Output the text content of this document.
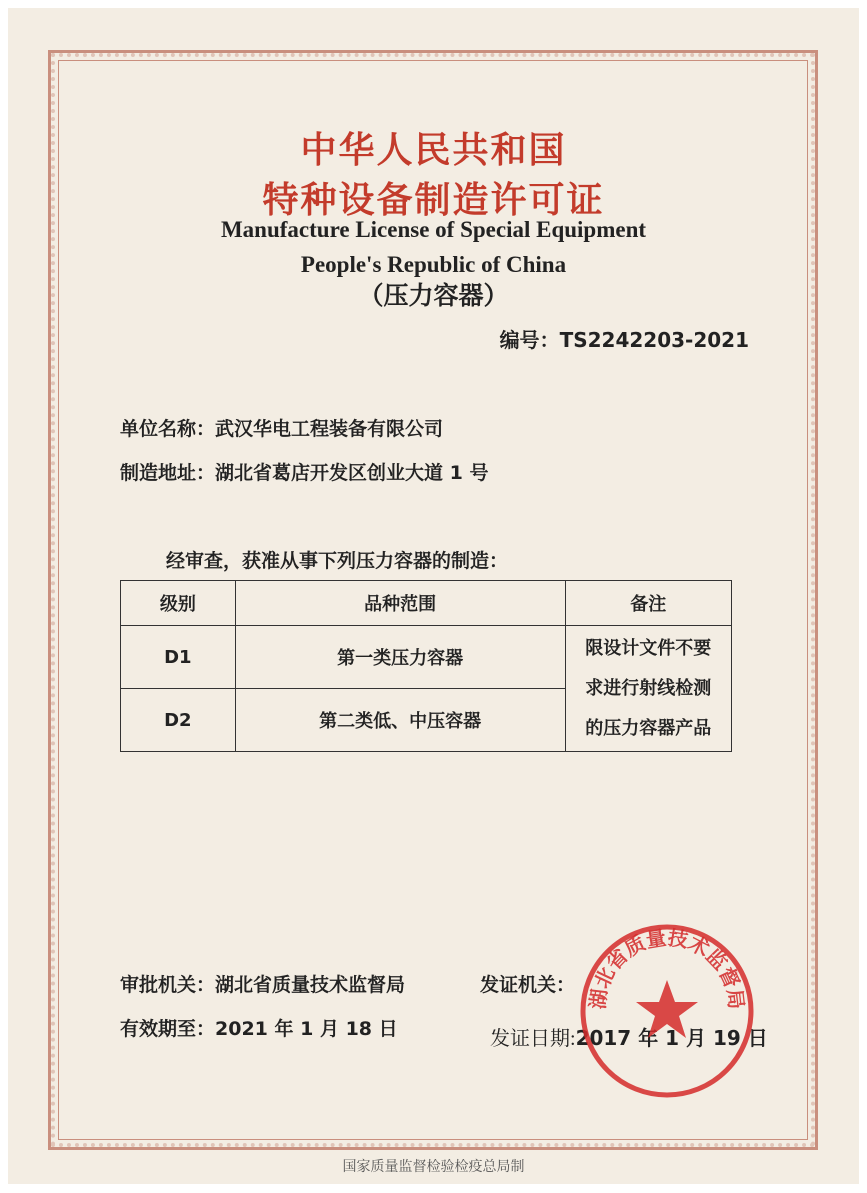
中华人民共和国
特种设备制造许可证
Manufacture License of Special Equipment
People's Republic of China
（压力容器）
编号：TS2242203-2021
单位名称：武汉华电工程装备有限公司
制造地址：湖北省葛店开发区创业大道 1 号
经审查，获准从事下列压力容器的制造：
级别	品种范围	备注
D1	第一类压力容器	限设计文件不要
求进行射线检测
的压力容器产品

D2	第二类低、中压容器	
审批机关：湖北省质量技术监督局	发证机关：
有效期至：2021 年 1 月 18 日	发证日期:2017 年 1 月 19 日
湖北省质量技术监督局
国家质量监督检验检疫总局制
